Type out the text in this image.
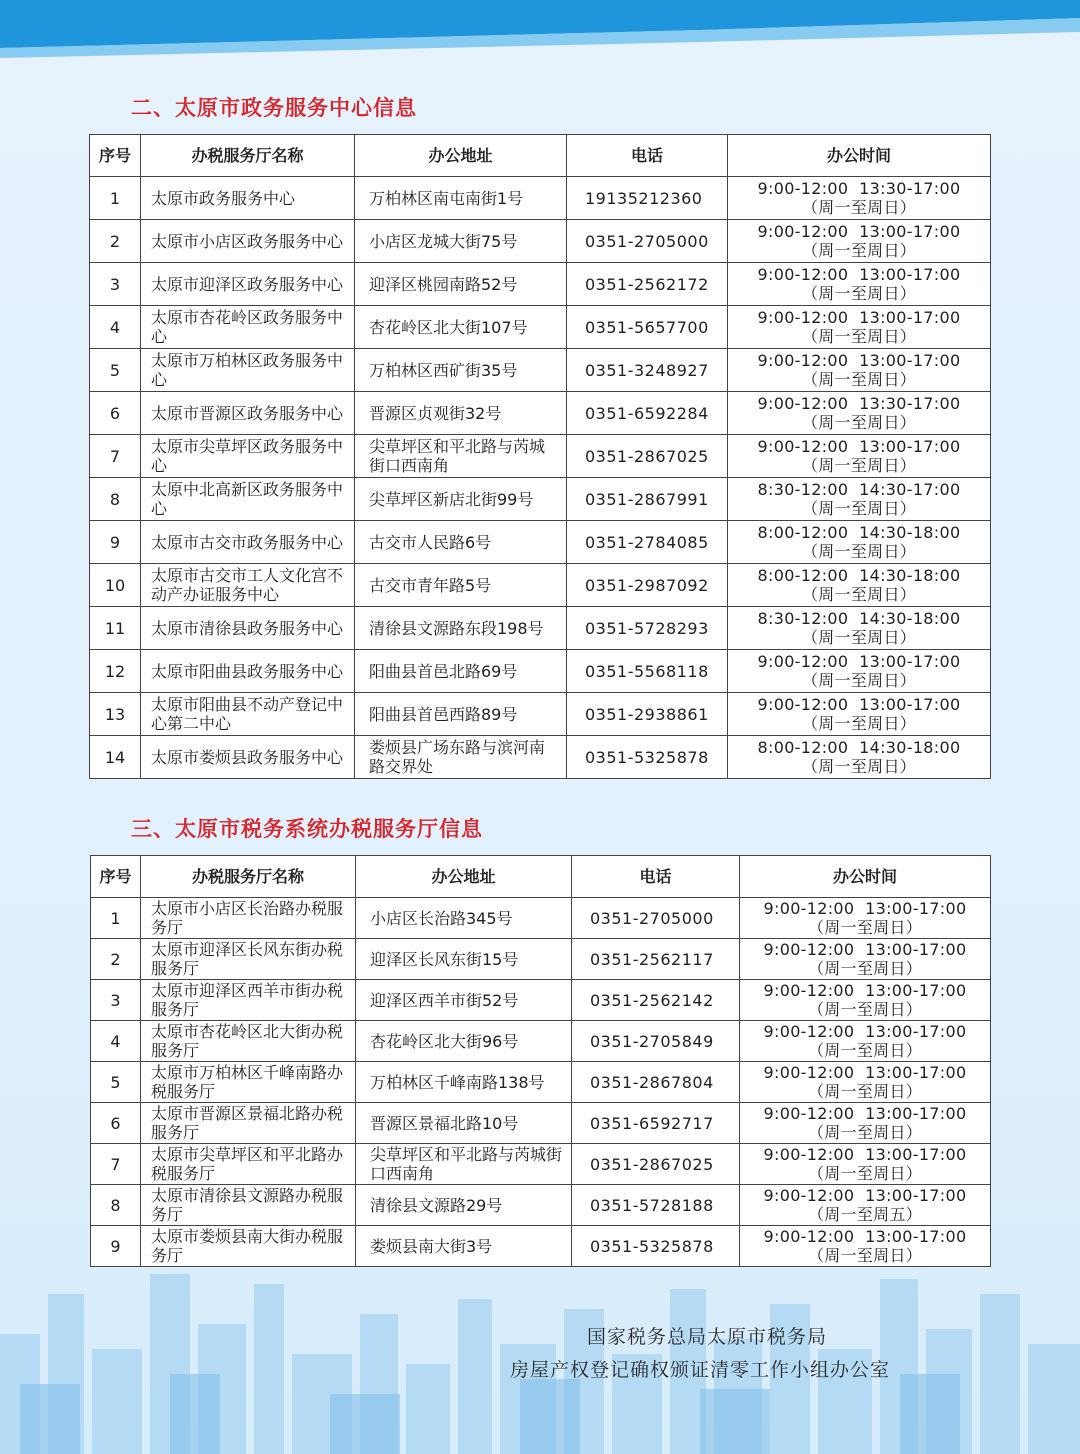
二、太原市政务服务中心信息
序号	办税服务厅名称	办公地址	电话	办公时间
1	太原市政务服务中心	万柏林区南屯南街1号	19135212360	9:00-12:00  13:30-17:00
（周一至周日）

2	太原市小店区政务服务中心	小店区龙城大街75号	0351-2705000	9:00-12:00  13:00-17:00
（周一至周日）

3	太原市迎泽区政务服务中心	迎泽区桃园南路52号	0351-2562172	9:00-12:00  13:00-17:00
（周一至周日）

4	太原市杏花岭区政务服务中心	杏花岭区北大街107号	0351-5657700	9:00-12:00  13:00-17:00
（周一至周日）

5	太原市万柏林区政务服务中心	万柏林区西矿街35号	0351-3248927	9:00-12:00  13:00-17:00
（周一至周日）

6	太原市晋源区政务服务中心	晋源区贞观街32号	0351-6592284	9:00-12:00  13:30-17:00
（周一至周日）

7	太原市尖草坪区政务服务中心	尖草坪区和平北路与芮城街口西南角	0351-2867025	9:00-12:00  13:00-17:00
（周一至周日）

8	太原中北高新区政务服务中心	尖草坪区新店北街99号	0351-2867991	8:30-12:00  14:30-17:00
（周一至周日）

9	太原市古交市政务服务中心	古交市人民路6号	0351-2784085	8:00-12:00  14:30-18:00
（周一至周日）

10	太原市古交市工人文化宫不动产办证服务中心	古交市青年路5号	0351-2987092	8:00-12:00  14:30-18:00
（周一至周日）

11	太原市清徐县政务服务中心	清徐县文源路东段198号	0351-5728293	8:30-12:00  14:30-18:00
（周一至周日）

12	太原市阳曲县政务服务中心	阳曲县首邑北路69号	0351-5568118	9:00-12:00  13:00-17:00
（周一至周日）

13	太原市阳曲县不动产登记中心第二中心	阳曲县首邑西路89号	0351-2938861	9:00-12:00  13:00-17:00
（周一至周日）

14	太原市娄烦县政务服务中心	娄烦县广场东路与滨河南路交界处	0351-5325878	8:00-12:00  14:30-18:00
（周一至周日）
三、太原市税务系统办税服务厅信息
序号	办税服务厅名称	办公地址	电话	办公时间
1	太原市小店区长治路办税服务厅	小店区长治路345号	0351-2705000	9:00-12:00  13:00-17:00
（周一至周日）

2	太原市迎泽区长风东街办税服务厅	迎泽区长风东街15号	0351-2562117	9:00-12:00  13:00-17:00
（周一至周日）

3	太原市迎泽区西羊市街办税服务厅	迎泽区西羊市街52号	0351-2562142	9:00-12:00  13:00-17:00
（周一至周日）

4	太原市杏花岭区北大街办税服务厅	杏花岭区北大街96号	0351-2705849	9:00-12:00  13:00-17:00
（周一至周日）

5	太原市万柏林区千峰南路办税服务厅	万柏林区千峰南路138号	0351-2867804	9:00-12:00  13:00-17:00
（周一至周日）

6	太原市晋源区景福北路办税服务厅	晋源区景福北路10号	0351-6592717	9:00-12:00  13:00-17:00
（周一至周日）

7	太原市尖草坪区和平北路办税服务厅	尖草坪区和平北路与芮城街口西南角	0351-2867025	9:00-12:00  13:00-17:00
（周一至周日）

8	太原市清徐县文源路办税服务厅	清徐县文源路29号	0351-5728188	9:00-12:00  13:00-17:00
（周一至周五）

9	太原市娄烦县南大街办税服务厅	娄烦县南大街3号	0351-5325878	9:00-12:00  13:00-17:00
（周一至周日）
国家税务总局太原市税务局
房屋产权登记确权颁证清零工作小组办公室
